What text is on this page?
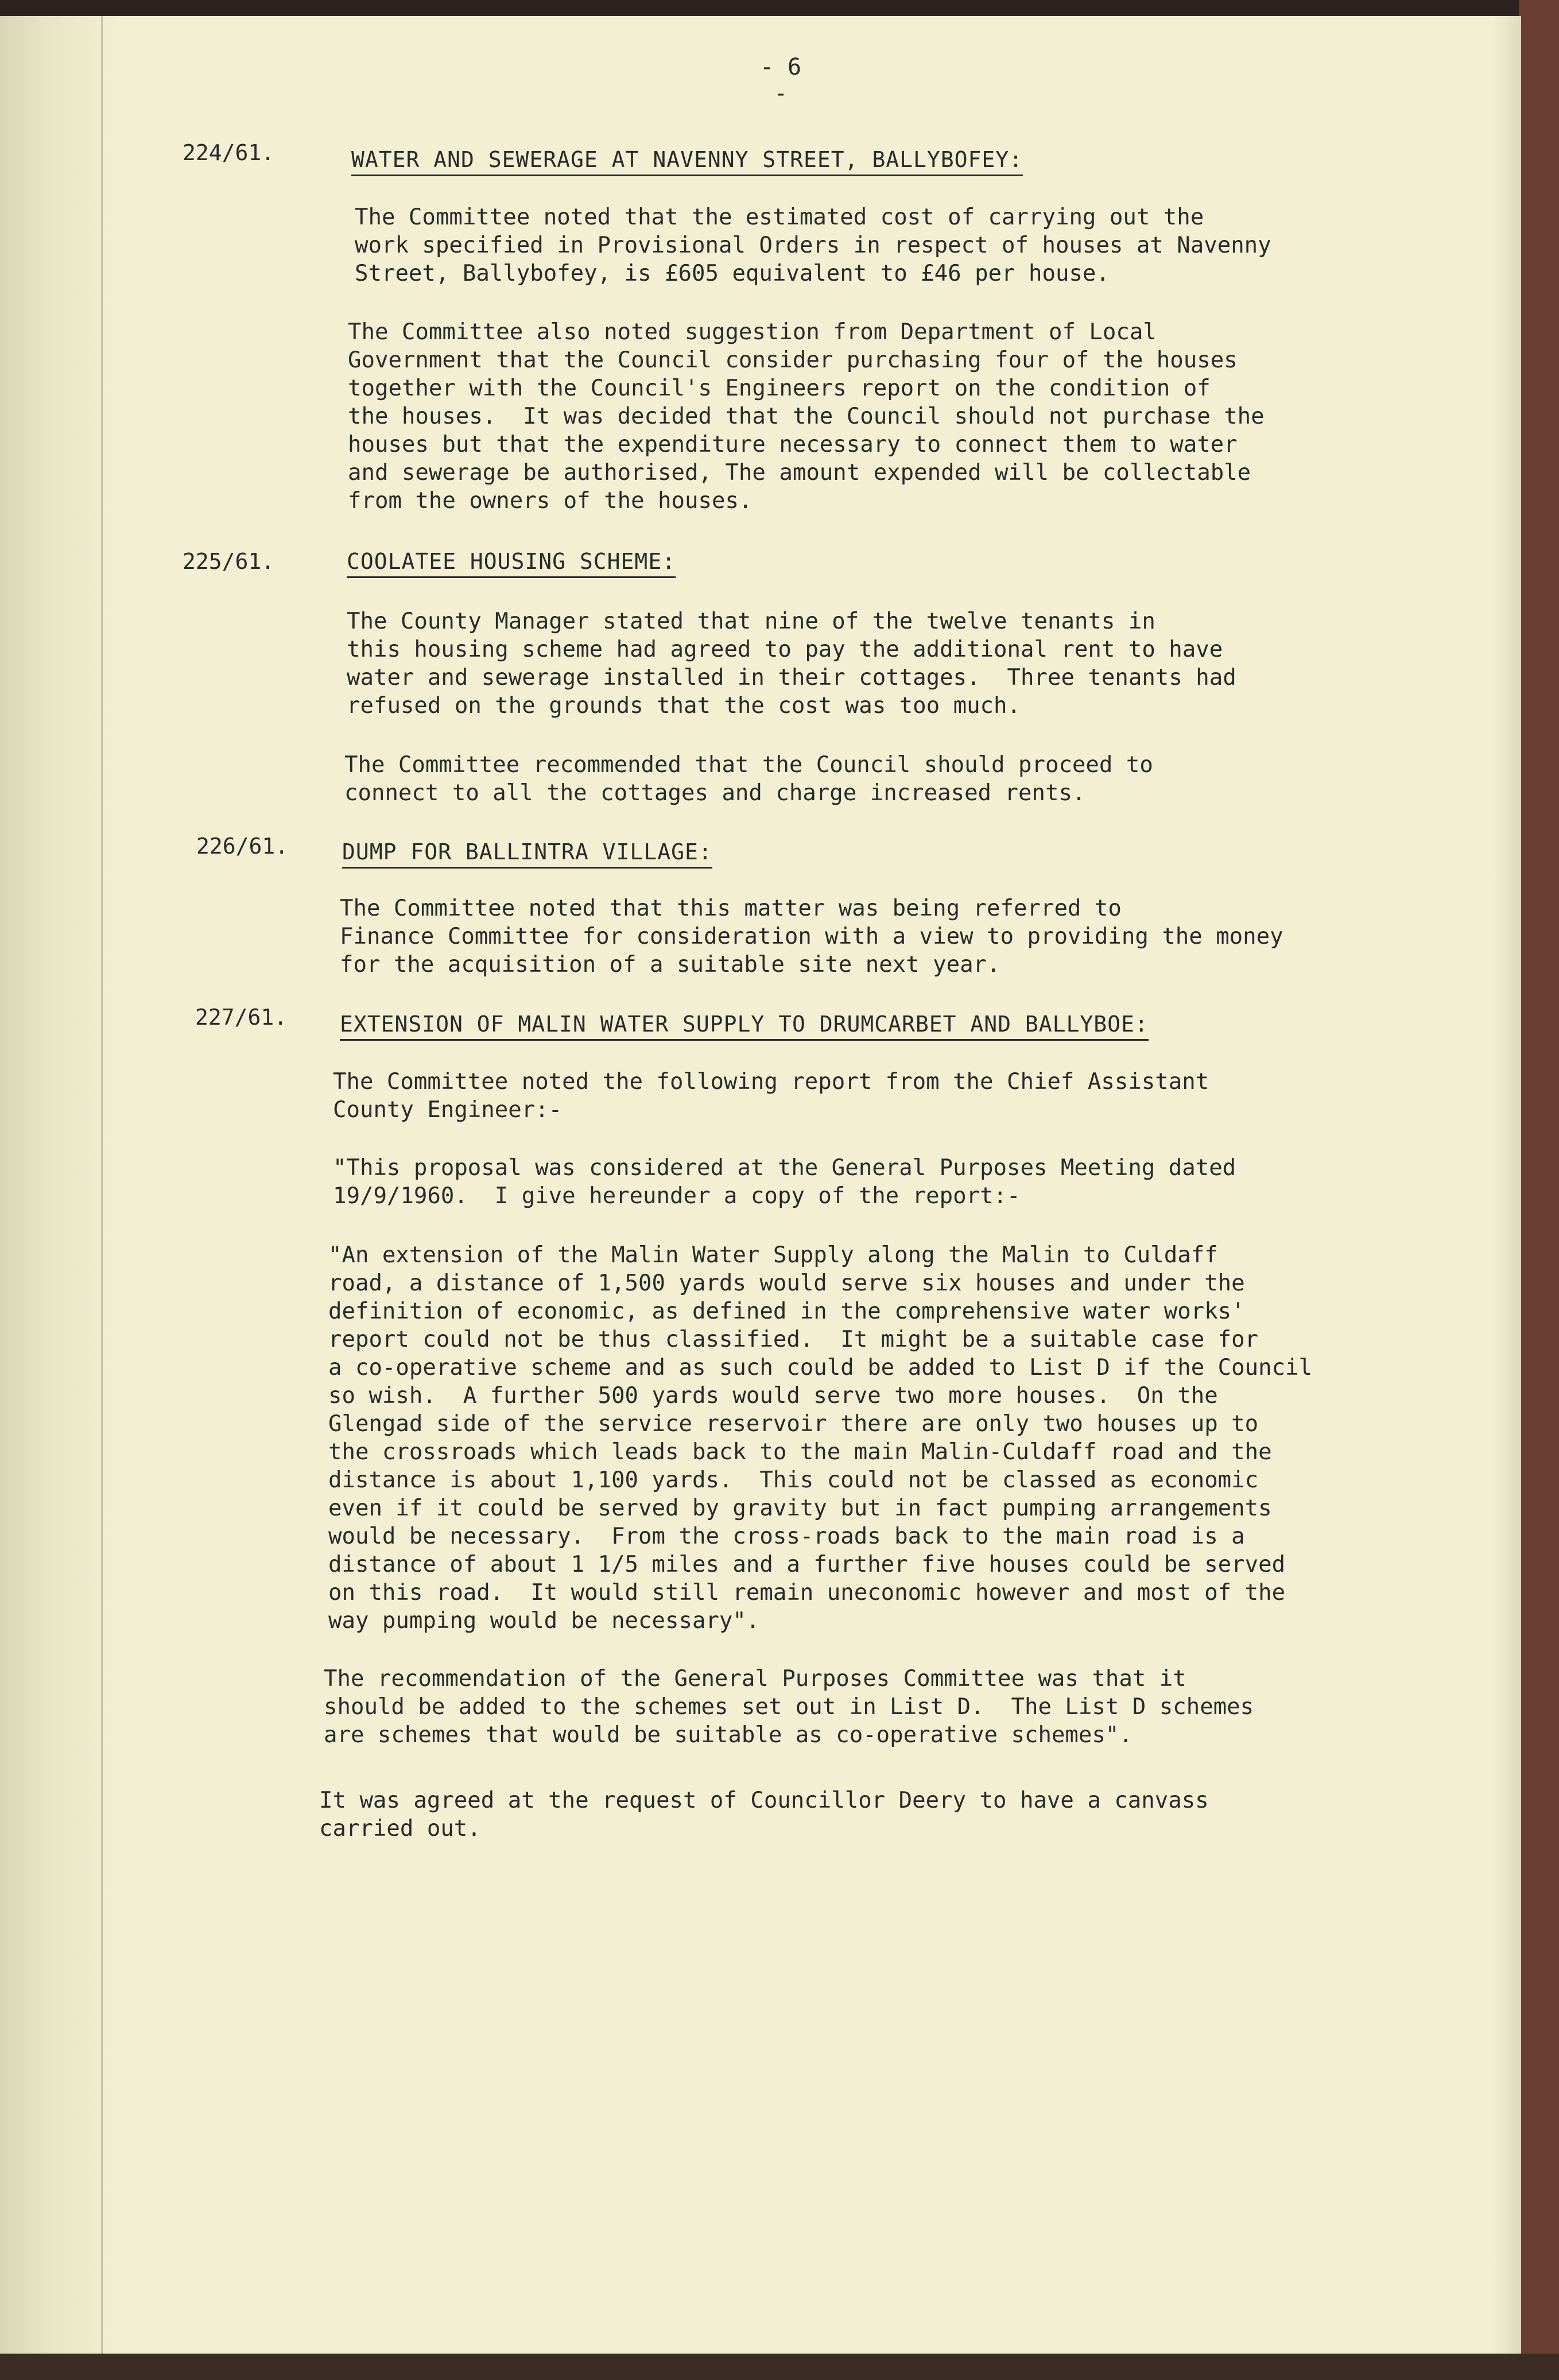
- 6 -
224/61.	WATER AND SEWERAGE AT NAVENNY STREET, BALLYBOFEY:
The Committee noted that the estimated cost of carrying out the
work specified in Provisional Orders in respect of houses at Navenny
Street, Ballybofey, is £605 equivalent to £46 per house.
The Committee also noted suggestion from Department of Local
Government that the Council consider purchasing four of the houses
together with the Council's Engineers report on the condition of
the houses.  It was decided that the Council should not purchase the
houses but that the expenditure necessary to connect them to water
and sewerage be authorised, The amount expended will be collectable
from the owners of the houses.
225/61.	COOLATEE HOUSING SCHEME:
The County Manager stated that nine of the twelve tenants in
this housing scheme had agreed to pay the additional rent to have
water and sewerage installed in their cottages.  Three tenants had
refused on the grounds that the cost was too much.
The Committee recommended that the Council should proceed to
connect to all the cottages and charge increased rents.
226/61. DUMP FOR BALLINTRA VILLAGE:
The Committee noted that this matter was being referred to
Finance Committee for consideration with a view to providing the money
for the acquisition of a suitable site next year.
227/61. EXTENSION OF MALIN WATER SUPPLY TO DRUMCARBET AND BALLYBOE:
The Committee noted the following report from the Chief Assistant
County Engineer:-
"This proposal was considered at the General Purposes Meeting dated
19/9/1960.  I give hereunder a copy of the report:-
"An extension of the Malin Water Supply along the Malin to Culdaff
road, a distance of 1,500 yards would serve six houses and under the
definition of economic, as defined in the comprehensive water works'
report could not be thus classified.  It might be a suitable case for
a co-operative scheme and as such could be added to List D if the Council
so wish.  A further 500 yards would serve two more houses.  On the
Glengad side of the service reservoir there are only two houses up to
the crossroads which leads back to the main Malin-Culdaff road and the
distance is about 1,100 yards.  This could not be classed as economic
even if it could be served by gravity but in fact pumping arrangements
would be necessary.  From the cross-roads back to the main road is a
distance of about 1 1/5 miles and a further five houses could be served
on this road.  It would still remain uneconomic however and most of the
way pumping would be necessary".
The recommendation of the General Purposes Committee was that it
should be added to the schemes set out in List D.  The List D schemes
are schemes that would be suitable as co-operative schemes".
It was agreed at the request of Councillor Deery to have a canvass
carried out.
